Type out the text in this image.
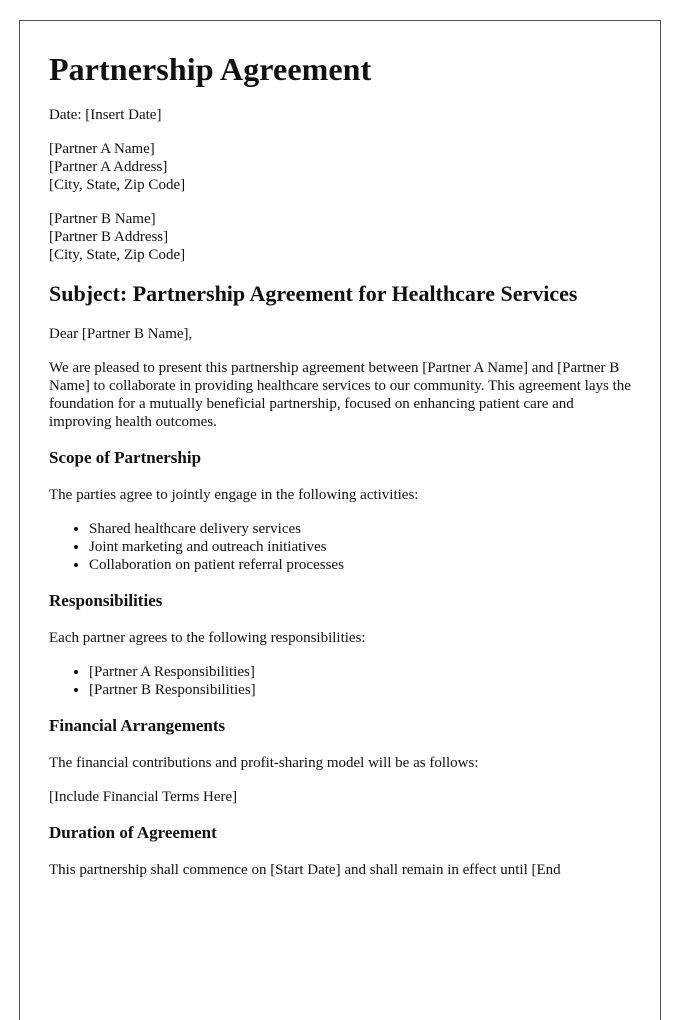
Partnership Agreement

Date: [Insert Date]

[Partner A Name]
[Partner A Address]
[City, State, Zip Code]

[Partner B Name]
[Partner B Address]
[City, State, Zip Code]

Subject: Partnership Agreement for Healthcare Services

Dear [Partner B Name],

We are pleased to present this partnership agreement between [Partner A Name] and [Partner B Name] to collaborate in providing healthcare services to our community. This agreement lays the foundation for a mutually beneficial partnership, focused on enhancing patient care and improving health outcomes.

Scope of Partnership

The parties agree to jointly engage in the following activities:

• Shared healthcare delivery services
• Joint marketing and outreach initiatives
• Collaboration on patient referral processes
Responsibilities

Each partner agrees to the following responsibilities:

• [Partner A Responsibilities]
• [Partner B Responsibilities]
Financial Arrangements

The financial contributions and profit-sharing model will be as follows:

[Include Financial Terms Here]

Duration of Agreement

This partnership shall commence on [Start Date] and shall remain in effect until [End
